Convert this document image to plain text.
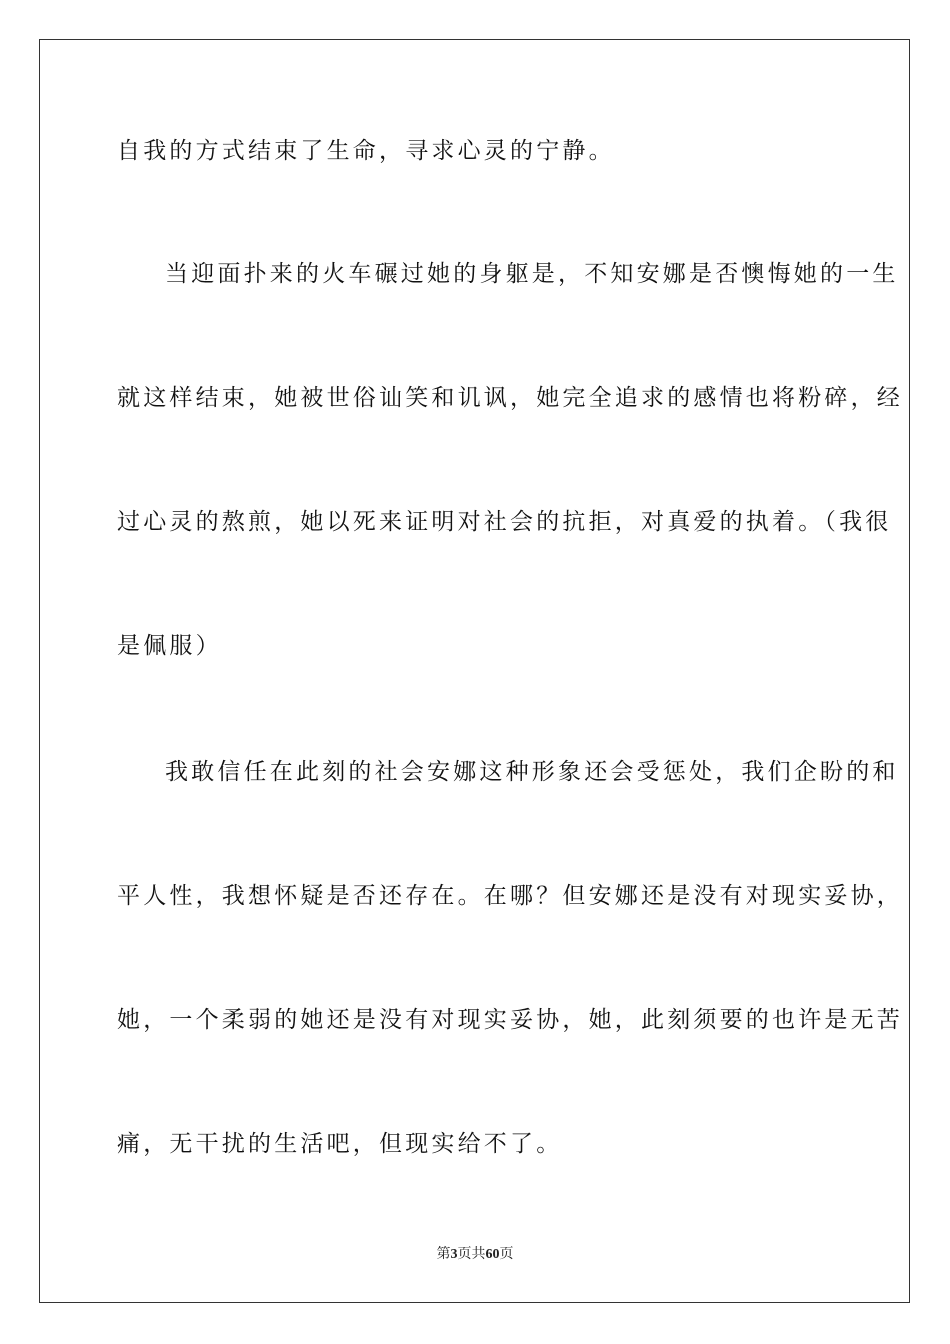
自我的方式结束了生命，寻求心灵的宁静。
当迎面扑来的火车碾过她的身躯是，不知安娜是否懊悔她的一生
就这样结束，她被世俗讪笑和讥讽，她完全追求的感情也将粉碎，经
过心灵的熬煎，她以死来证明对社会的抗拒，对真爱的执着。（我很
是佩服）
我敢信任在此刻的社会安娜这种形象还会受惩处，我们企盼的和
平人性，我想怀疑是否还存在。在哪？但安娜还是没有对现实妥协，
她，一个柔弱的她还是没有对现实妥协，她，此刻须要的也许是无苦
痛，无干扰的生活吧，但现实给不了。
第3页共60页
